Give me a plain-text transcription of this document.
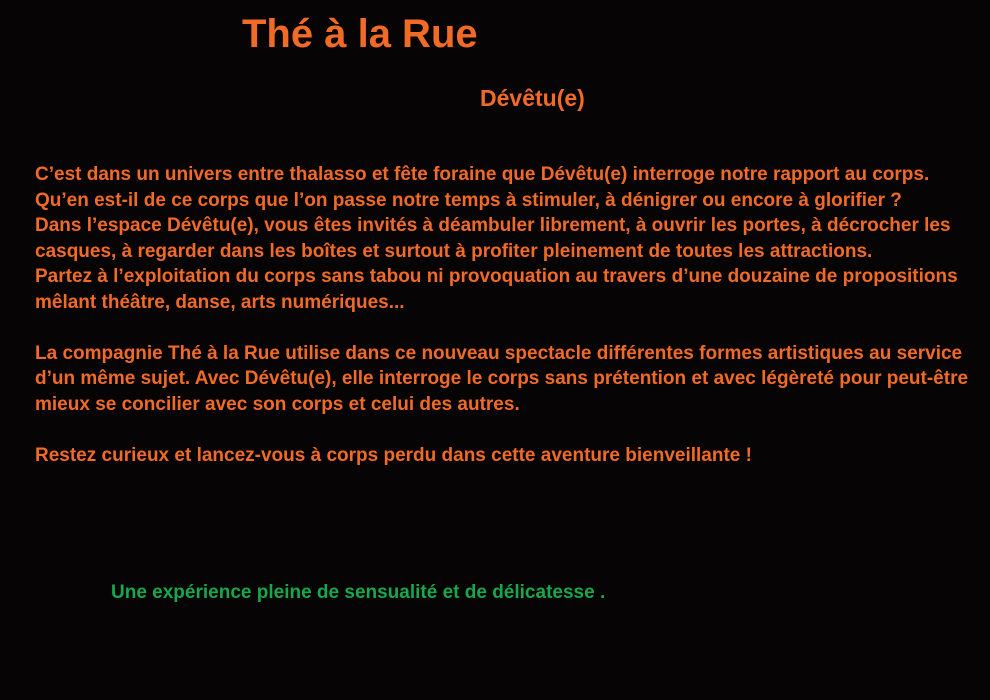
Thé à la Rue
Dévêtu(e)

C’est dans un univers entre thalasso et fête foraine que Dévêtu(e) interroge notre rapport au corps.

Qu’en est-il de ce corps que l’on passe notre temps à stimuler, à dénigrer ou encore à glorifier ?

Dans l’espace Dévêtu(e), vous êtes invités à déambuler librement, à ouvrir les portes, à décrocher les casques, à regarder dans les boîtes et surtout à profiter pleinement de toutes les attractions.

Partez à l’exploitation du corps sans tabou ni provoquation au travers d’une douzaine de propositions mêlant théâtre, danse, arts numériques...

La compagnie Thé à la Rue utilise dans ce nouveau spectacle différentes formes artistiques au service d’un même sujet. Avec Dévêtu(e), elle interroge le corps sans prétention et avec légèreté pour peut-être mieux se concilier avec son corps et celui des autres.

Restez curieux et lancez-vous à corps perdu dans cette aventure bienveillante !

Une expérience pleine de sensualité et de délicatesse .
